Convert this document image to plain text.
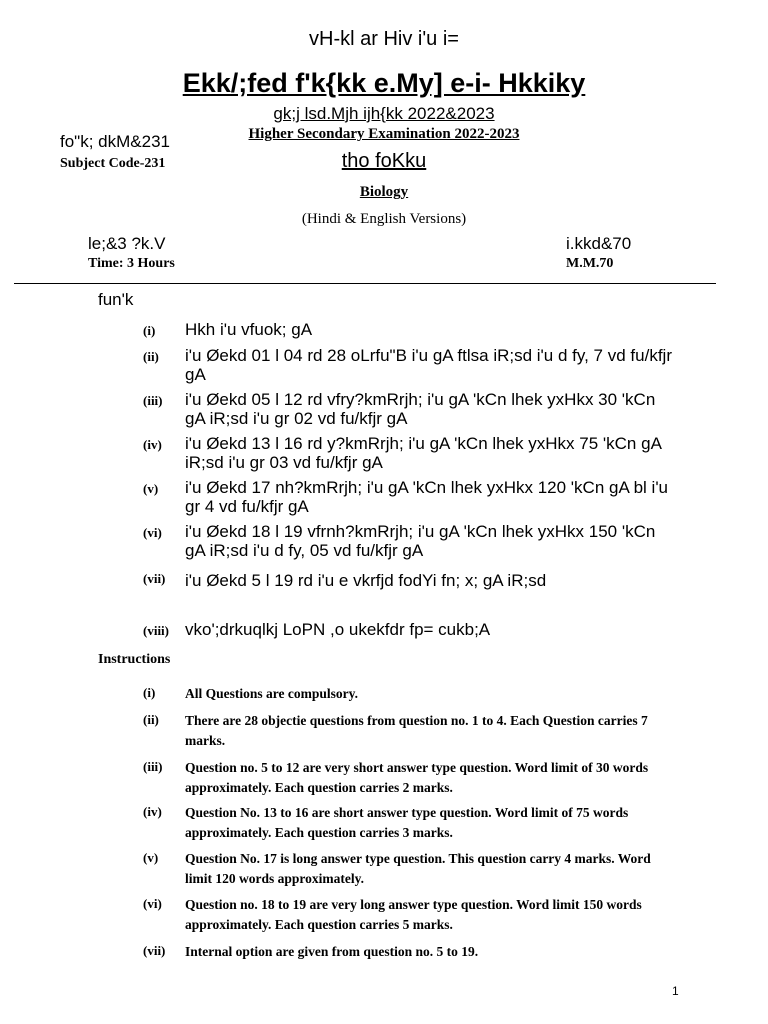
vH-kl ar Hiv i'u i=
Ekk/;fed f'k{kk e.My] e-i- Hkkiky
gk;j lsd.Mjh ijh{kk 2022&2023
Higher Secondary Examination 2022-2023
fo"k; dkM&231
Subject Code-231	tho foKku
Biology
(Hindi & English Versions)
le;&3 ?k.V
Time: 3 Hours
i.kkd&70
M.M.70
fun'k
(i) Hkh i'u vfuok; gA
(ii) i'u Øekd 01 l 04 rd 28 oLrfu"B i'u gA ftlsa iR;sd i'u d fy, 7 vd fu/kfjr gA
(iii) i'u Øekd 05 l 12 rd vfry?kmRrjh; i'u gA 'kCn lhek yxHkx 30 'kCn gA iR;sd i'u gr 02 vd fu/kfjr gA
(iv) i'u Øekd 13 l 16 rd y?kmRrjh; i'u gA 'kCn lhek yxHkx 75 'kCn gA iR;sd i'u gr 03 vd fu/kfjr gA
(v) i'u Øekd 17 nh?kmRrjh; i'u gA 'kCn lhek yxHkx 120 'kCn gA bl i'u gr 4 vd fu/kfjr gA
(vi) i'u Øekd 18 l 19 vfrnh?kmRrjh; i'u gA 'kCn lhek yxHkx 150 'kCn gA iR;sd i'u d fy, 05 vd fu/kfjr gA
(vii) i'u Øekd 5 l 19 rd i'u e vkrfjd fodYi fn; x; gA iR;sd
(viii) vko';drkuqlkj LoPN ,o ukekfdr fp= cukb;A
Instructions
(i) All Questions are compulsory.
(ii) There are 28 objectie questions from question no. 1 to 4. Each Question carries 7 marks.
(iii) Question no. 5 to 12 are very short answer type question. Word limit of 30 words approximately. Each question carries 2 marks.
(iv) Question No. 13 to 16 are short answer type question. Word limit of 75 words approximately. Each question carries 3 marks.
(v) Question No. 17 is long answer type question. This question carry 4 marks. Word limit 120 words approximately.
(vi) Question no. 18 to 19 are very long answer type question. Word limit 150 words approximately. Each question carries 5 marks.
(vii) Internal option are given from question no. 5 to 19.
1
